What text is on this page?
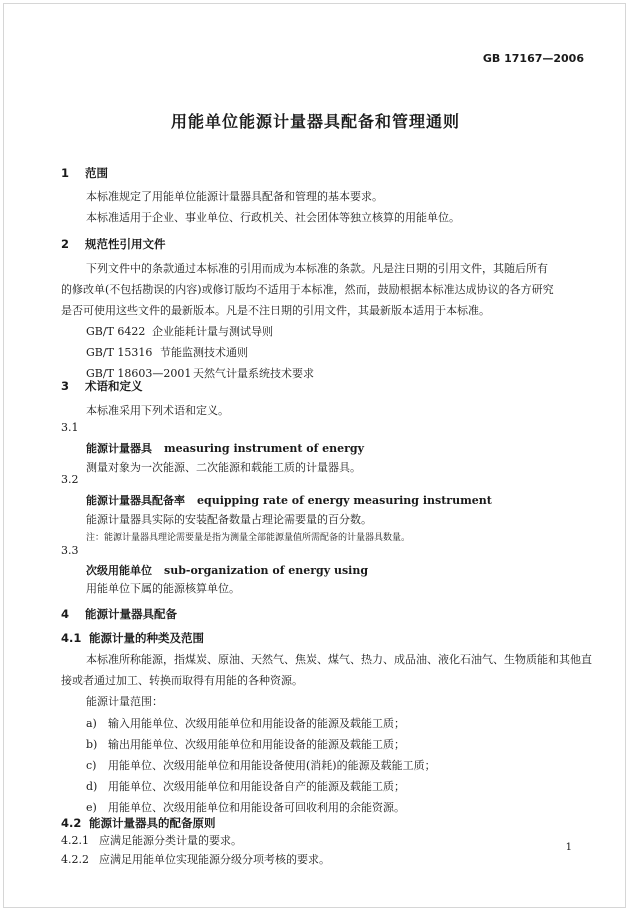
GB 17167—2006
用能单位能源计量器具配备和管理通则
1 范围
本标准规定了用能单位能源计量器具配备和管理的基本要求。
本标准适用于企业、事业单位、行政机关、社会团体等独立核算的用能单位。
2 规范性引用文件
下列文件中的条款通过本标准的引用而成为本标准的条款。凡是注日期的引用文件，其随后所有
的修改单(不包括勘误的内容)或修订版均不适用于本标准，然而，鼓励根据本标准达成协议的各方研究
是否可使用这些文件的最新版本。凡是不注日期的引用文件，其最新版本适用于本标准。
GB/T 6422 企业能耗计量与测试导则
GB/T 15316 节能监测技术通则
GB/T 18603—2001 天然气计量系统技术要求
3 术语和定义
本标准采用下列术语和定义。
3.1
能源计量器具 measuring instrument of energy
测量对象为一次能源、二次能源和载能工质的计量器具。
3.2
能源计量器具配备率 equipping rate of energy measuring instrument
能源计量器具实际的安装配备数量占理论需要量的百分数。
注：能源计量器具理论需要量是指为测量全部能源量值所需配备的计量器具数量。
3.3
次级用能单位 sub-organization of energy using
用能单位下属的能源核算单位。
4 能源计量器具配备
4.1 能源计量的种类及范围
本标准所称能源，指煤炭、原油、天然气、焦炭、煤气、热力、成品油、液化石油气、生物质能和其他直
接或者通过加工、转换而取得有用能的各种资源。
能源计量范围：
a) 输入用能单位、次级用能单位和用能设备的能源及载能工质；
b) 输出用能单位、次级用能单位和用能设备的能源及载能工质；
c) 用能单位、次级用能单位和用能设备使用(消耗)的能源及载能工质；
d) 用能单位、次级用能单位和用能设备自产的能源及载能工质；
e) 用能单位、次级用能单位和用能设备可回收利用的余能资源。
4.2 能源计量器具的配备原则
4.2.1 应满足能源分类计量的要求。
4.2.2 应满足用能单位实现能源分级分项考核的要求。
1
